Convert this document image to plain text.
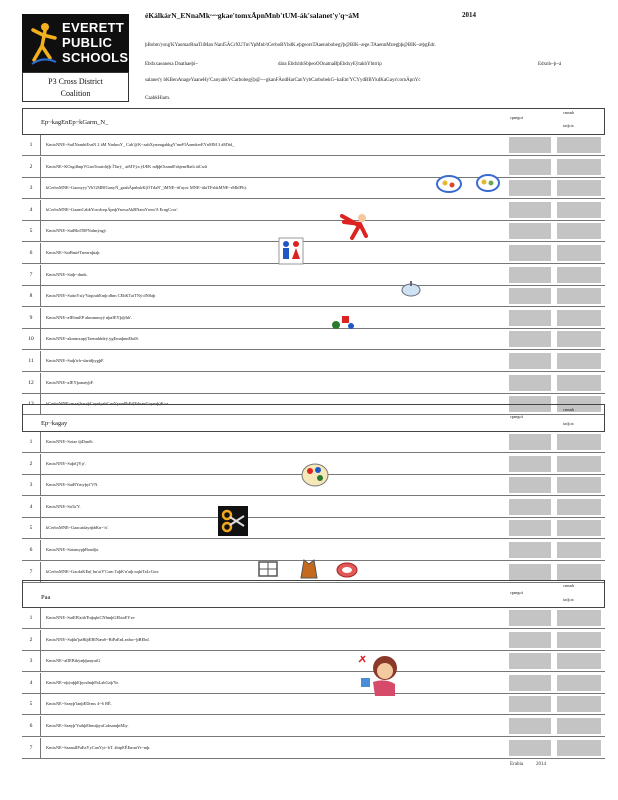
EVERETT
PUBLIC
SCHOOLS
P3 Cross District
Coalition
éKálkárN_ENnaMk~~gkae'tomxÄpnMnb'tUM-ák'salanet'y'q~áM	2014
þBobm'ysng'KYaomarRnaTiiMan Nanf5ÄCrXUTm'YpMnb'tCerboBYbdK.eþgeorsTAaennbobegÿþ@BIK~æge.TAaennMrægþþ@BIK~æþgEdr.
Ebdxxaeanesa Dnathaeþi~	dára EbdxhbSbþeoOOnatnaBþEbdxyEÿtakbYbtrrip	Edxnh~þ~á
salanet'y bKBenAnageYaaneHy'CanyabkVCarbobegÿþ@~~gkanFÄndHarCanYybCarbobekG~kaEm'YCYydBBYkdKaGays'cornÄpnYc
CaabkHiam.
Ep~kagEnEp~kGarm_N_
cpaegcá
cmxnh
tacþ.tx
1	KmtxNNE~SaiINambiEsnN 2 áM NarkmY_ Cab'@K~aahXymmgabkgY'meFIÄannkerEYnMM 3 áM'ñd_
2	KmtxNE~KOsgdhnpVGanTnuirdtÿþ ÍTarÿ_ aiMYÿa ÿIÆK ndþþOtannlFabjemBath áiCsdt
3	kCerbxMNE~Gaonyyy'Vb'GMBIGanyN_gaahÄpnbskK(OTdaN'_)MNE~iñ'ayor MNE~äkiTFsbkMNE~rMhIPb).
4	kCerbxMNE~GaamCabkYorcdorpÄpnþYnesaAkBNamYrem'A ErngCcor'.
5	KmtxNNE~SaiBInTBFNalmýagÿ.
6	KmtxNE~SaiBmiéTnearnþiaþ.
7	KmtxNNE~Saiþ~dmtk.
8	KmtxNNE~SaiinYsiÿ'VaqtrahEmþ:dbm CEhKTaiTNÿ:dNSaþ
9	KmtxNNE~aIEbmEP akmmnnyÿ nþaIEYþ@hh'.
10	KmtxNNE~akmmxnpÿTaennbhdrÿ.ÿgEmnþnnEbdS.
11	KmtxNNE~Saiþ'trh~dariñþygþF.
12	KmtxNNE~aIEYþanatyþF.
13	kCerbxMNE~maa(hasaþCaynlyabCanYyrmPhEd|EdnanGaynaþ)K~a.
Ep~kagay
cpaegcá
cmxnh
tacþ.tx
1	KmtxNNE~Soiae tþDanSi.
2	KmtxNNE~SaþiQYjr'.
3	KmtxNNE~SaiBYmyþyì'VN.
4	KmtxNNE~SaTa'Y.
5	kCerbxMNE~GaacatdayaþbKn~'n'.
6	KmtxNNE~SaiamypþBondþi.
7	kCerbxMNE~GacdaKEn[ hn'aiY'Cam TaþK'n'aiþ nqhiTaLrGwr.
Paa
cpaegcá
cmxnh
tacþ.tx
1	KmtxNNE~SaiEB'aitb'EnþqhiCNhmþGEbiaEYxe
2	KmtxNNE~Saþhi'þaBiþEBINæaS~BiPaEnLeahw~þBEbd.
3	KmtxNE~aIIEBibÿæþþanyaiG
4	KmtxNE~nþýaþþEþyodmþPaLabGaþ'Ye.
5	KmtxNE~Sanyþ'lanþEDrms 4~6 BÉ.
6	KmtxNE~Sanyþ'YaibþEbmaþyaCabsamþiMiy.
7	KmtxNE~SaanalIPaEaYyCanYyt~bT. ábtpEÉEmmYt~mþ.
Erabia	2014
